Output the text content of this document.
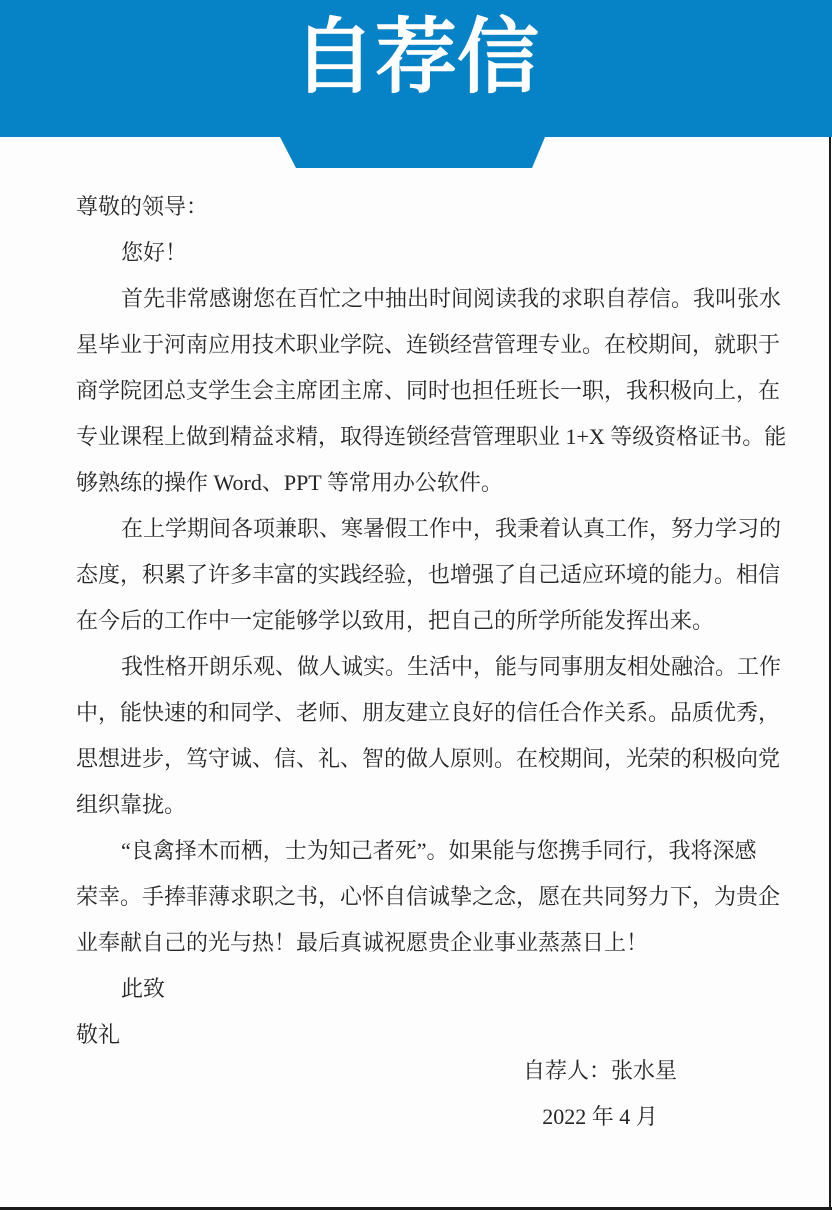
自荐信
尊敬的领导：
您好！
首先非常感谢您在百忙之中抽出时间阅读我的求职自荐信。我叫张水
星毕业于河南应用技术职业学院、连锁经营管理专业。在校期间，就职于
商学院团总支学生会主席团主席、同时也担任班长一职，我积极向上，在
专业课程上做到精益求精，取得连锁经营管理职业 1+X 等级资格证书。能
够熟练的操作 Word、PPT 等常用办公软件。
在上学期间各项兼职、寒暑假工作中，我秉着认真工作，努力学习的
态度，积累了许多丰富的实践经验，也增强了自己适应环境的能力。相信
在今后的工作中一定能够学以致用，把自己的所学所能发挥出来。
我性格开朗乐观、做人诚实。生活中，能与同事朋友相处融洽。工作
中，能快速的和同学、老师、朋友建立良好的信任合作关系。品质优秀，
思想进步，笃守诚、信、礼、智的做人原则。在校期间，光荣的积极向党
组织靠拢。
“良禽择木而栖，士为知己者死”。如果能与您携手同行，我将深感
荣幸。手捧菲薄求职之书，心怀自信诚挚之念，愿在共同努力下，为贵企
业奉献自己的光与热！最后真诚祝愿贵企业事业蒸蒸日上！
此致
敬礼
自荐人：张水星
2022 年 4 月
